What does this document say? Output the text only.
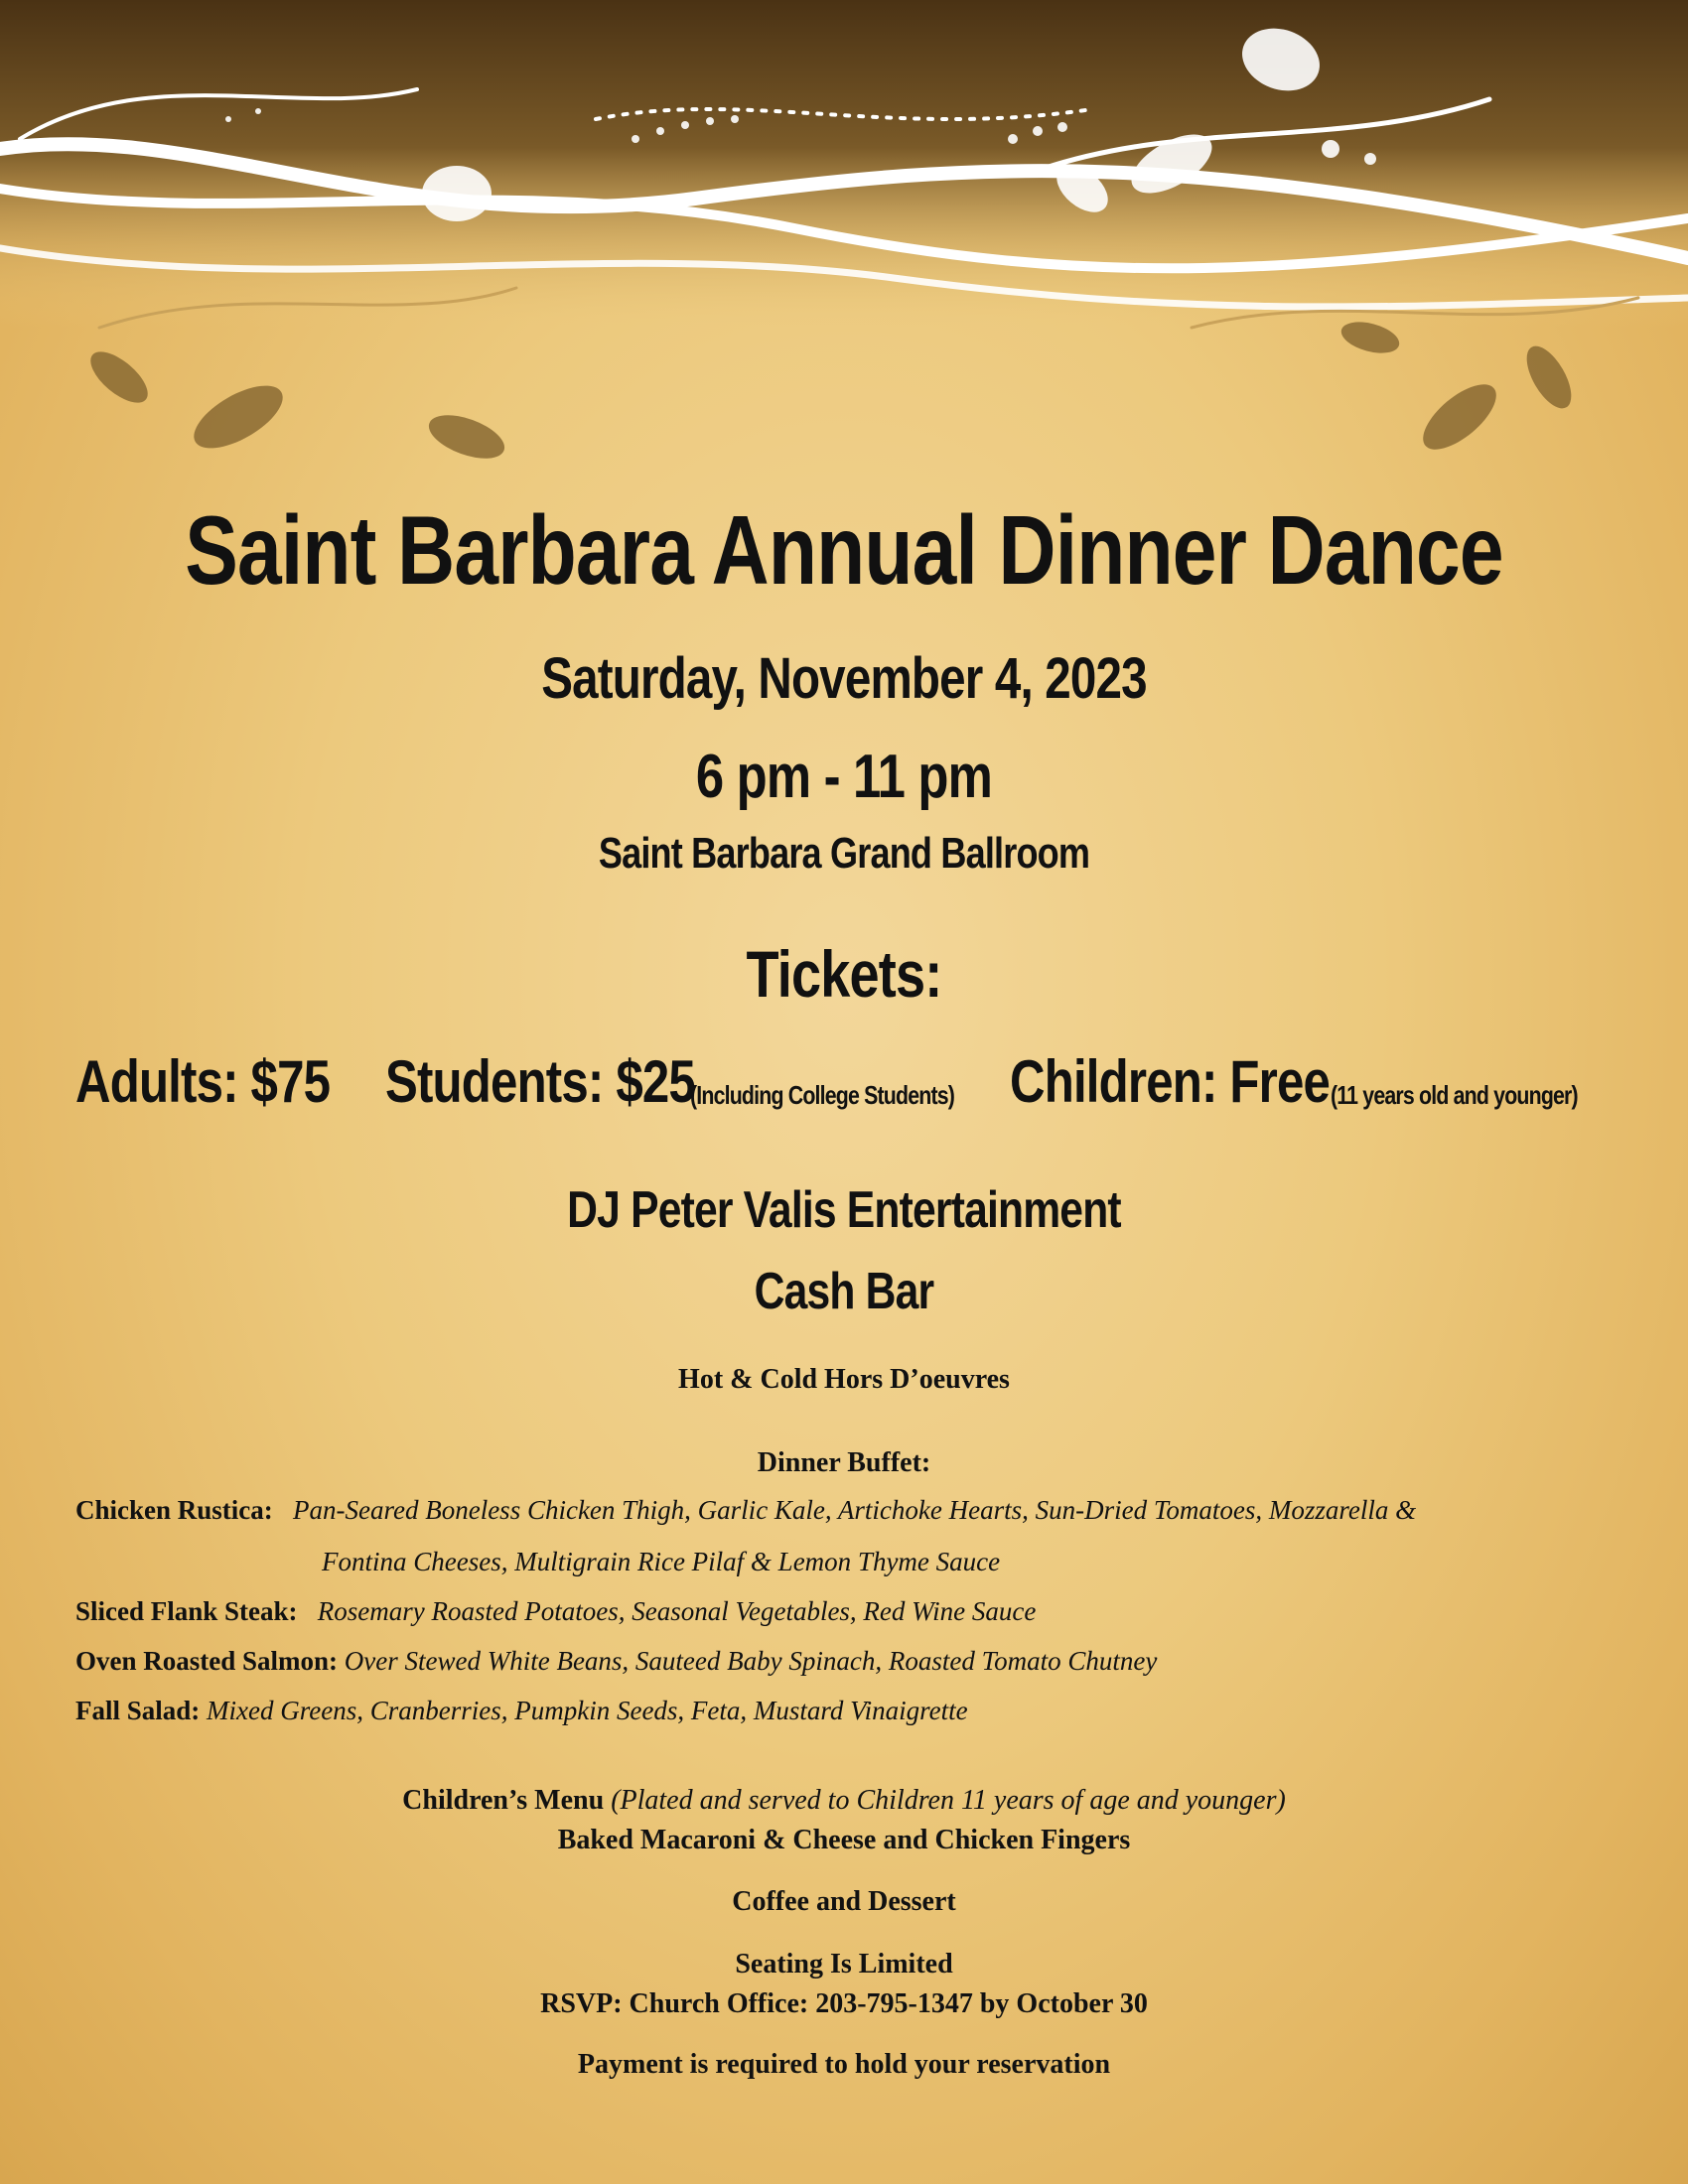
Saint Barbara Annual Dinner Dance
Saturday, November 4, 2023
6 pm - 11 pm
Saint Barbara Grand Ballroom
Tickets:
Adults: $75 Students: $25
(Including College Students) Children: Free (11 years old and younger)
DJ Peter Valis Entertainment
Cash Bar
Hot & Cold Hors D’oeuvres
Dinner Buffet:
Chicken Rustica: Pan-Seared Boneless Chicken Thigh, Garlic Kale, Artichoke Hearts, Sun-Dried Tomatoes, Mozzarella &
Fontina Cheeses, Multigrain Rice Pilaf & Lemon Thyme Sauce
Sliced Flank Steak: Rosemary Roasted Potatoes, Seasonal Vegetables, Red Wine Sauce
Oven Roasted Salmon: Over Stewed White Beans, Sauteed Baby Spinach, Roasted Tomato Chutney
Fall Salad: Mixed Greens, Cranberries, Pumpkin Seeds, Feta, Mustard Vinaigrette
Children’s Menu (Plated and served to Children 11 years of age and younger)
Baked Macaroni & Cheese and Chicken Fingers
Coffee and Dessert
Seating Is Limited
RSVP: Church Office: 203-795-1347 by October 30
Payment is required to hold your reservation
